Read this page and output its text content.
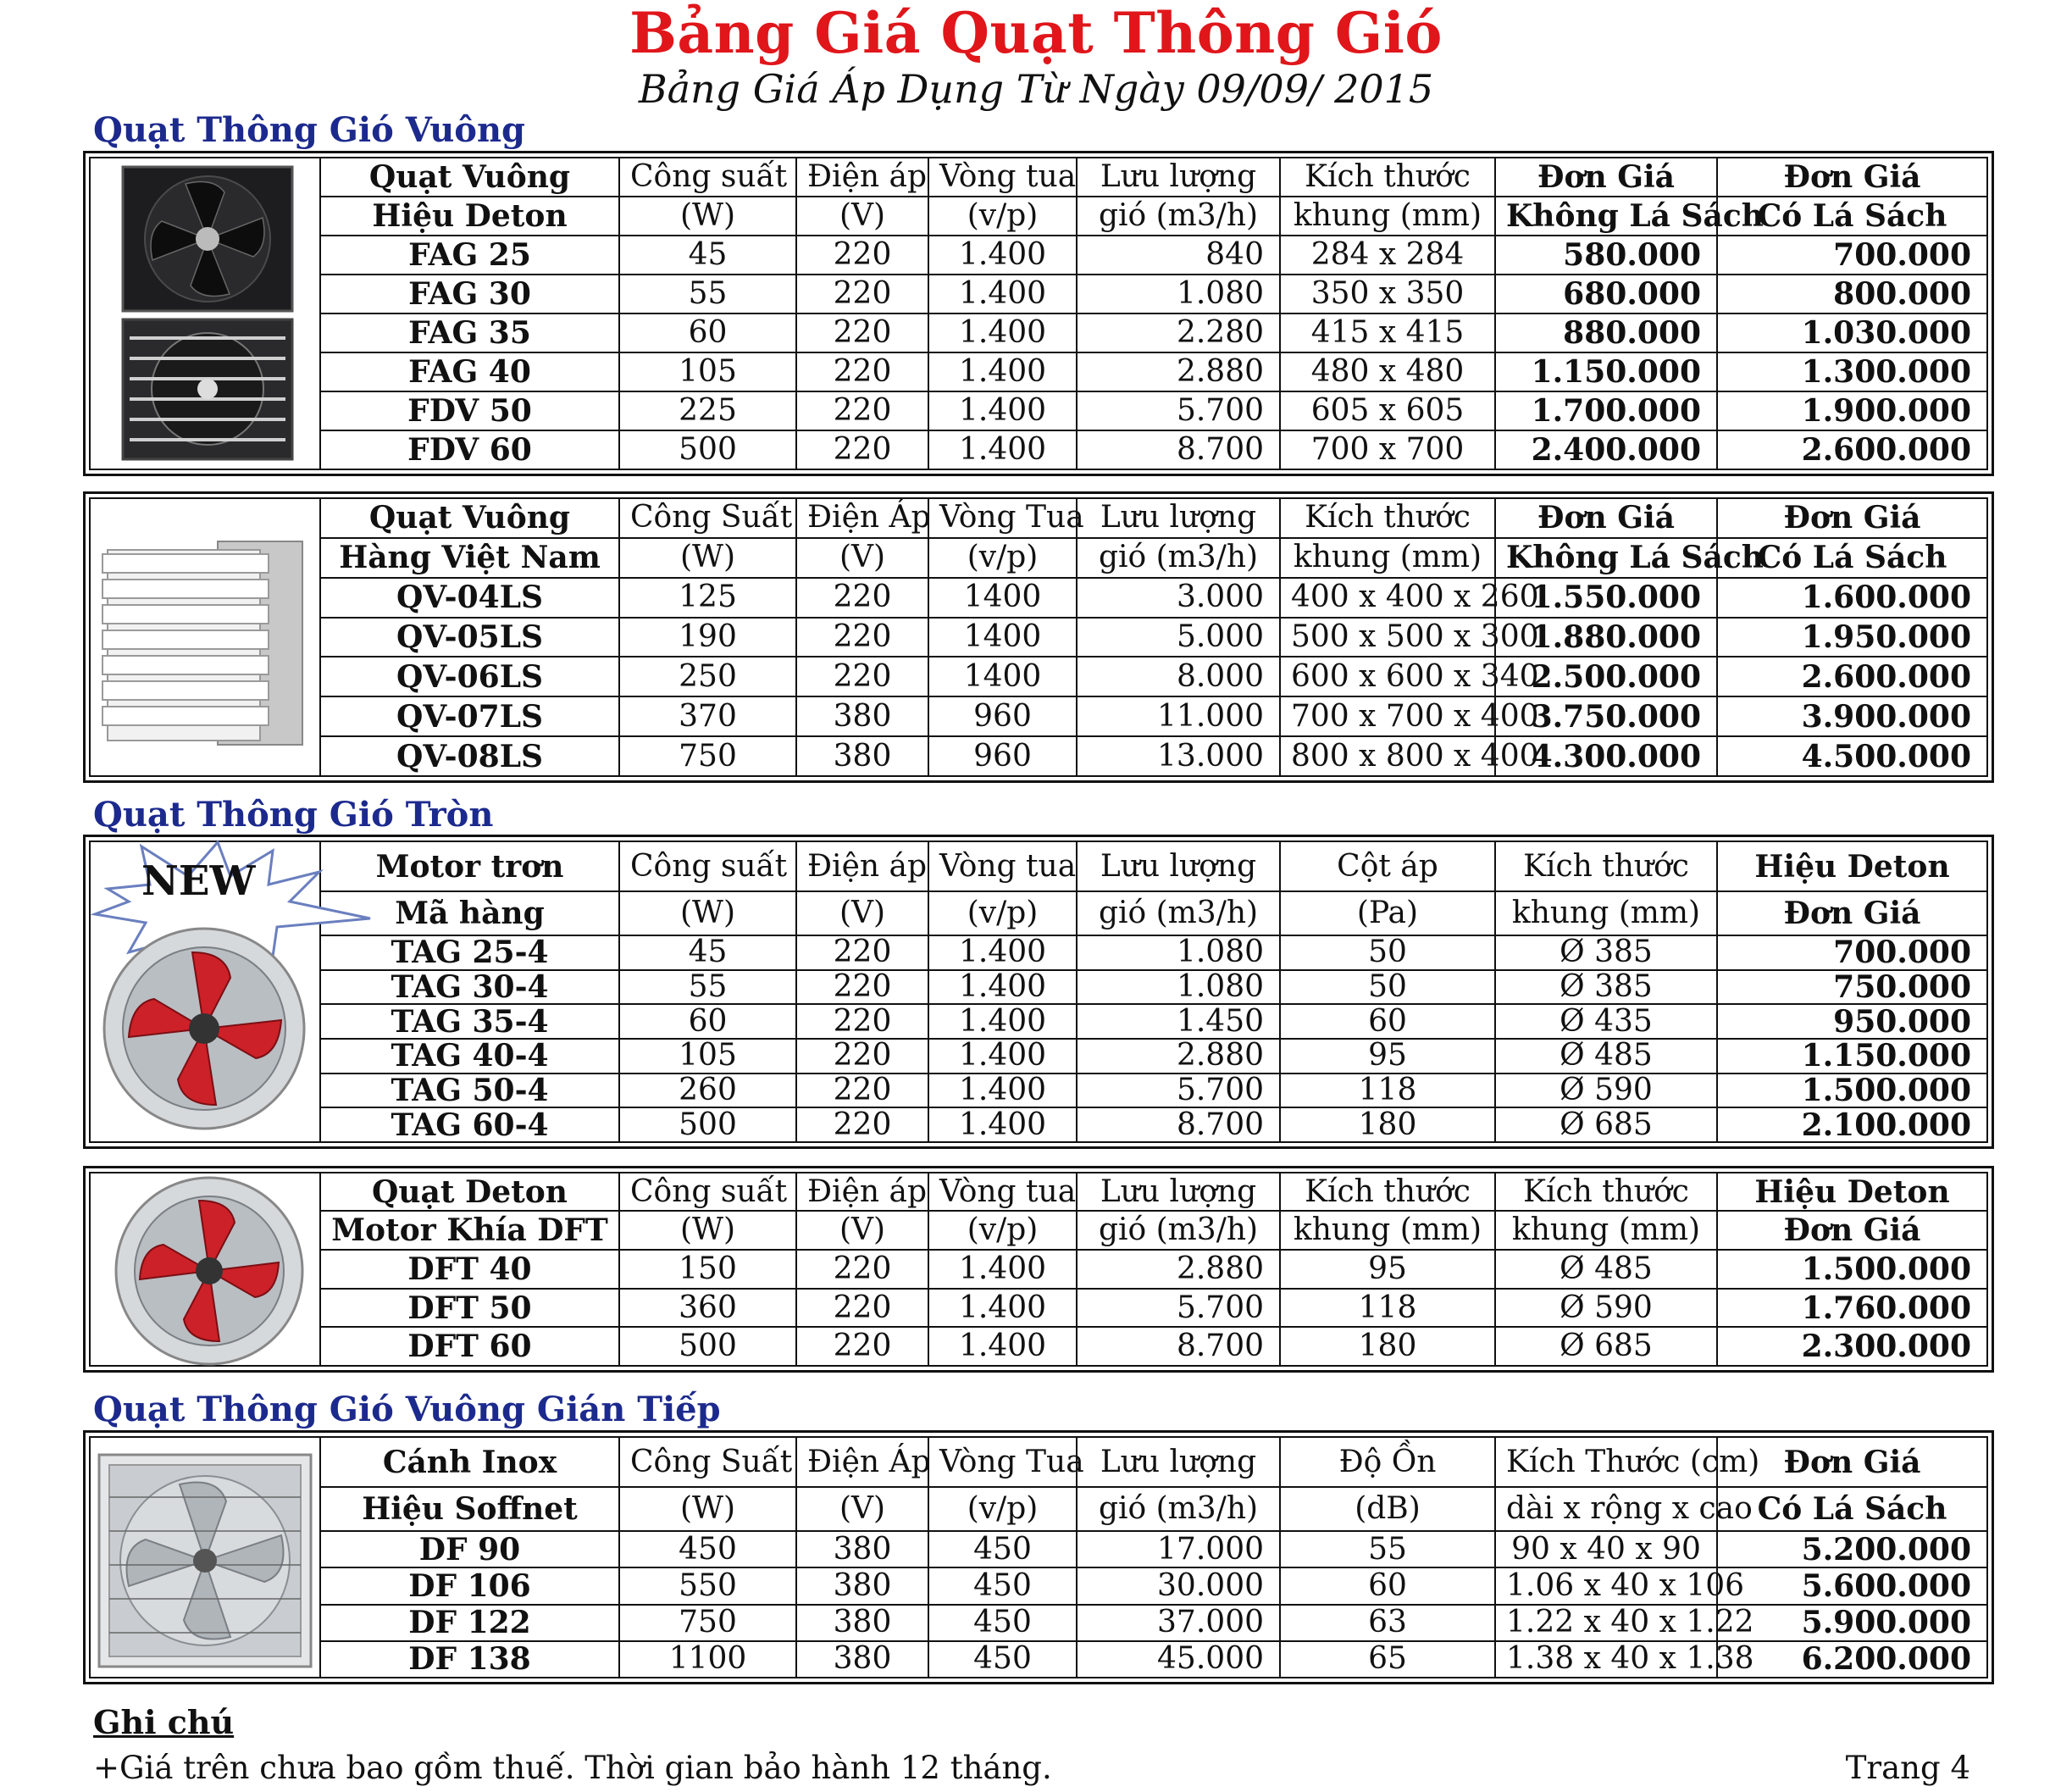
Bảng Giá Quạt Thông Gió
Bảng Giá Áp Dụng Từ Ngày 09/09/ 2015
Quạt Thông Gió Vuông
Quạt Vuông	Công suất	Điện áp	Vòng tua	Lưu lượng	Kích thước	Đơn Giá	Đơn Giá
Hiệu Deton	(W)	(V)	(v/p)	gió (m3/h)	khung (mm)	Không Lá Sách	Có Lá Sách
FAG 25	45	220	1.400	840	284 x 284	580.000	700.000
FAG 30	55	220	1.400	1.080	350 x 350	680.000	800.000
FAG 35	60	220	1.400	2.280	415 x 415	880.000	1.030.000
FAG 40	105	220	1.400	2.880	480 x 480	1.150.000	1.300.000
FDV 50	225	220	1.400	5.700	605 x 605	1.700.000	1.900.000
FDV 60	500	220	1.400	8.700	700 x 700	2.400.000	2.600.000
Quạt Vuông	Công Suất	Điện Áp	Vòng Tua	Lưu lượng	Kích thước	Đơn Giá	Đơn Giá
Hàng Việt Nam	(W)	(V)	(v/p)	gió (m3/h)	khung (mm)	Không Lá Sách	Có Lá Sách
QV-04LS	125	220	1400	3.000	400 x 400 x 260	1.550.000	1.600.000
QV-05LS	190	220	1400	5.000	500 x 500 x 300	1.880.000	1.950.000
QV-06LS	250	220	1400	8.000	600 x 600 x 340	2.500.000	2.600.000
QV-07LS	370	380	960	11.000	700 x 700 x 400	3.750.000	3.900.000
QV-08LS	750	380	960	13.000	800 x 800 x 400	4.300.000	4.500.000
Quạt Thông Gió Tròn
NEW	Motor trơn	Công suất	Điện áp	Vòng tua	Lưu lượng	Cột áp	Kích thước	Hiệu Deton
Mã hàng	(W)	(V)	(v/p)	gió (m3/h)	(Pa)	khung (mm)	Đơn Giá
TAG 25-4	45	220	1.400	1.080	50	Ø 385	700.000
TAG 30-4	55	220	1.400	1.080	50	Ø 385	750.000
TAG 35-4	60	220	1.400	1.450	60	Ø 435	950.000
TAG 40-4	105	220	1.400	2.880	95	Ø 485	1.150.000
TAG 50-4	260	220	1.400	5.700	118	Ø 590	1.500.000
TAG 60-4	500	220	1.400	8.700	180	Ø 685	2.100.000
Quạt Deton	Công suất	Điện áp	Vòng tua	Lưu lượng	Kích thước	Kích thước	Hiệu Deton
Motor Khía DFT	(W)	(V)	(v/p)	gió (m3/h)	khung (mm)	khung (mm)	Đơn Giá
DFT 40	150	220	1.400	2.880	95	Ø 485	1.500.000
DFT 50	360	220	1.400	5.700	118	Ø 590	1.760.000
DFT 60	500	220	1.400	8.700	180	Ø 685	2.300.000
Quạt Thông Gió Vuông Gián Tiếp
Cánh Inox	Công Suất	Điện Áp	Vòng Tua	Lưu lượng	Độ Ồn	Kích Thước (cm)	Đơn Giá
Hiệu Soffnet	(W)	(V)	(v/p)	gió (m3/h)	(dB)	dài x rộng x cao	Có Lá Sách
DF 90	450	380	450	17.000	55	90 x 40 x 90	5.200.000
DF 106	550	380	450	30.000	60	1.06 x 40 x 106	5.600.000
DF 122	750	380	450	37.000	63	1.22 x 40 x 1.22	5.900.000
DF 138	1100	380	450	45.000	65	1.38 x 40 x 1.38	6.200.000
Ghi chú
+Giá trên chưa bao gồm thuế. Thời gian bảo hành 12 tháng.	Trang 4
